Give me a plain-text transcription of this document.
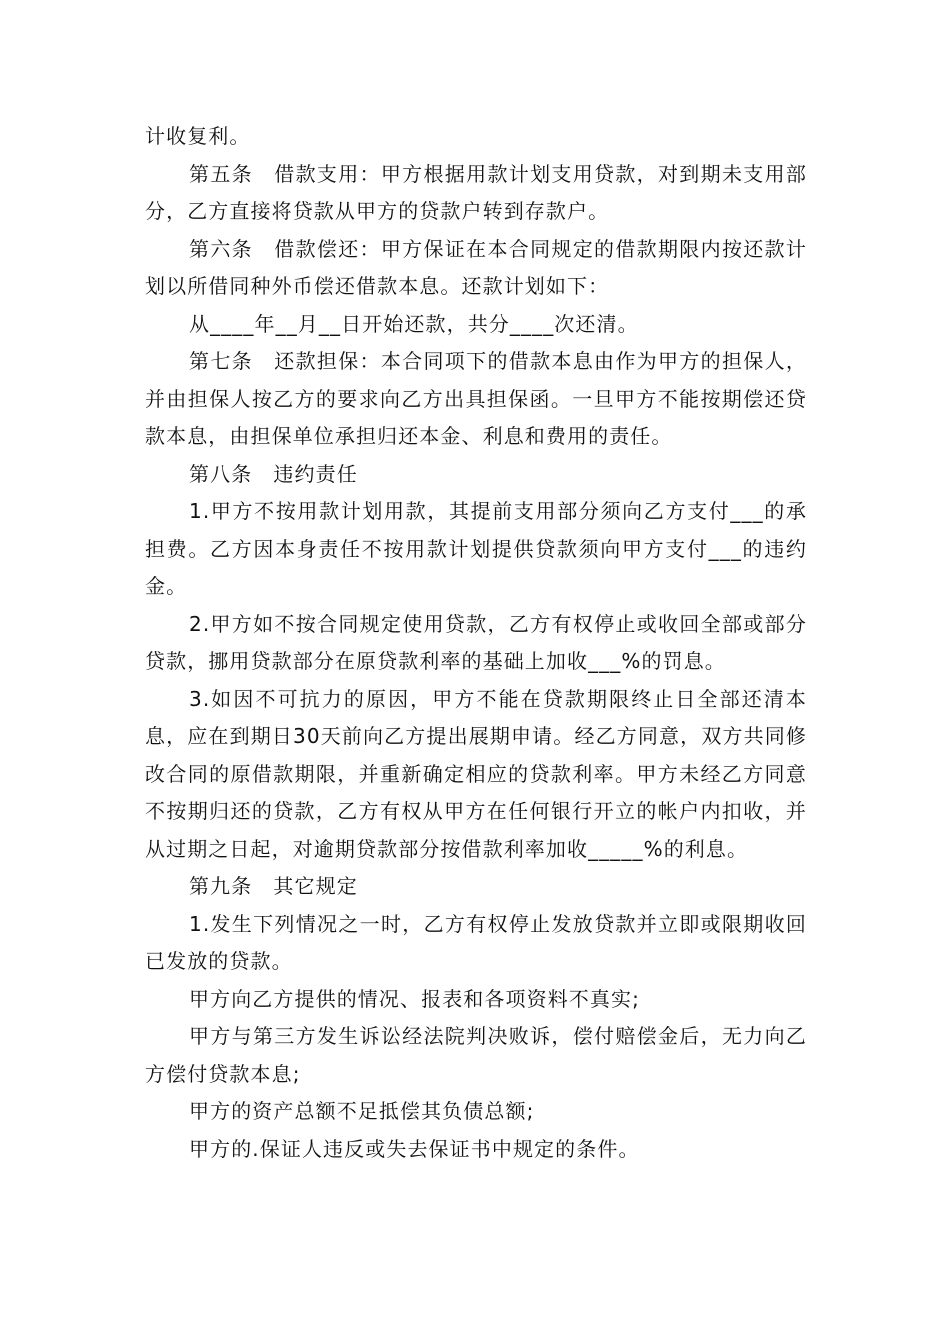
计收复利。

第五条　借款支用：甲方根据用款计划支用贷款，对到期未支用部分，乙方直接将贷款从甲方的贷款户转到存款户。

第六条　借款偿还：甲方保证在本合同规定的借款期限内按还款计划以所借同种外币偿还借款本息。还款计划如下：

从____年__月__日开始还款，共分____次还清。

第七条　还款担保：本合同项下的借款本息由作为甲方的担保人，并由担保人按乙方的要求向乙方出具担保函。一旦甲方不能按期偿还贷款本息，由担保单位承担归还本金、利息和费用的责任。

第八条　违约责任

1.甲方不按用款计划用款，其提前支用部分须向乙方支付___的承担费。乙方因本身责任不按用款计划提供贷款须向甲方支付___的违约金。

2.甲方如不按合同规定使用贷款，乙方有权停止或收回全部或部分贷款，挪用贷款部分在原贷款利率的基础上加收___%的罚息。

3.如因不可抗力的原因，甲方不能在贷款期限终止日全部还清本息，应在到期日30天前向乙方提出展期申请。经乙方同意，双方共同修改合同的原借款期限，并重新确定相应的贷款利率。甲方未经乙方同意不按期归还的贷款，乙方有权从甲方在任何银行开立的帐户内扣收，并从过期之日起，对逾期贷款部分按借款利率加收_____%的利息。

第九条　其它规定

1.发生下列情况之一时，乙方有权停止发放贷款并立即或限期收回已发放的贷款。

甲方向乙方提供的情况、报表和各项资料不真实;

甲方与第三方发生诉讼经法院判决败诉，偿付赔偿金后，无力向乙方偿付贷款本息;

甲方的资产总额不足抵偿其负债总额;

甲方的.保证人违反或失去保证书中规定的条件。
